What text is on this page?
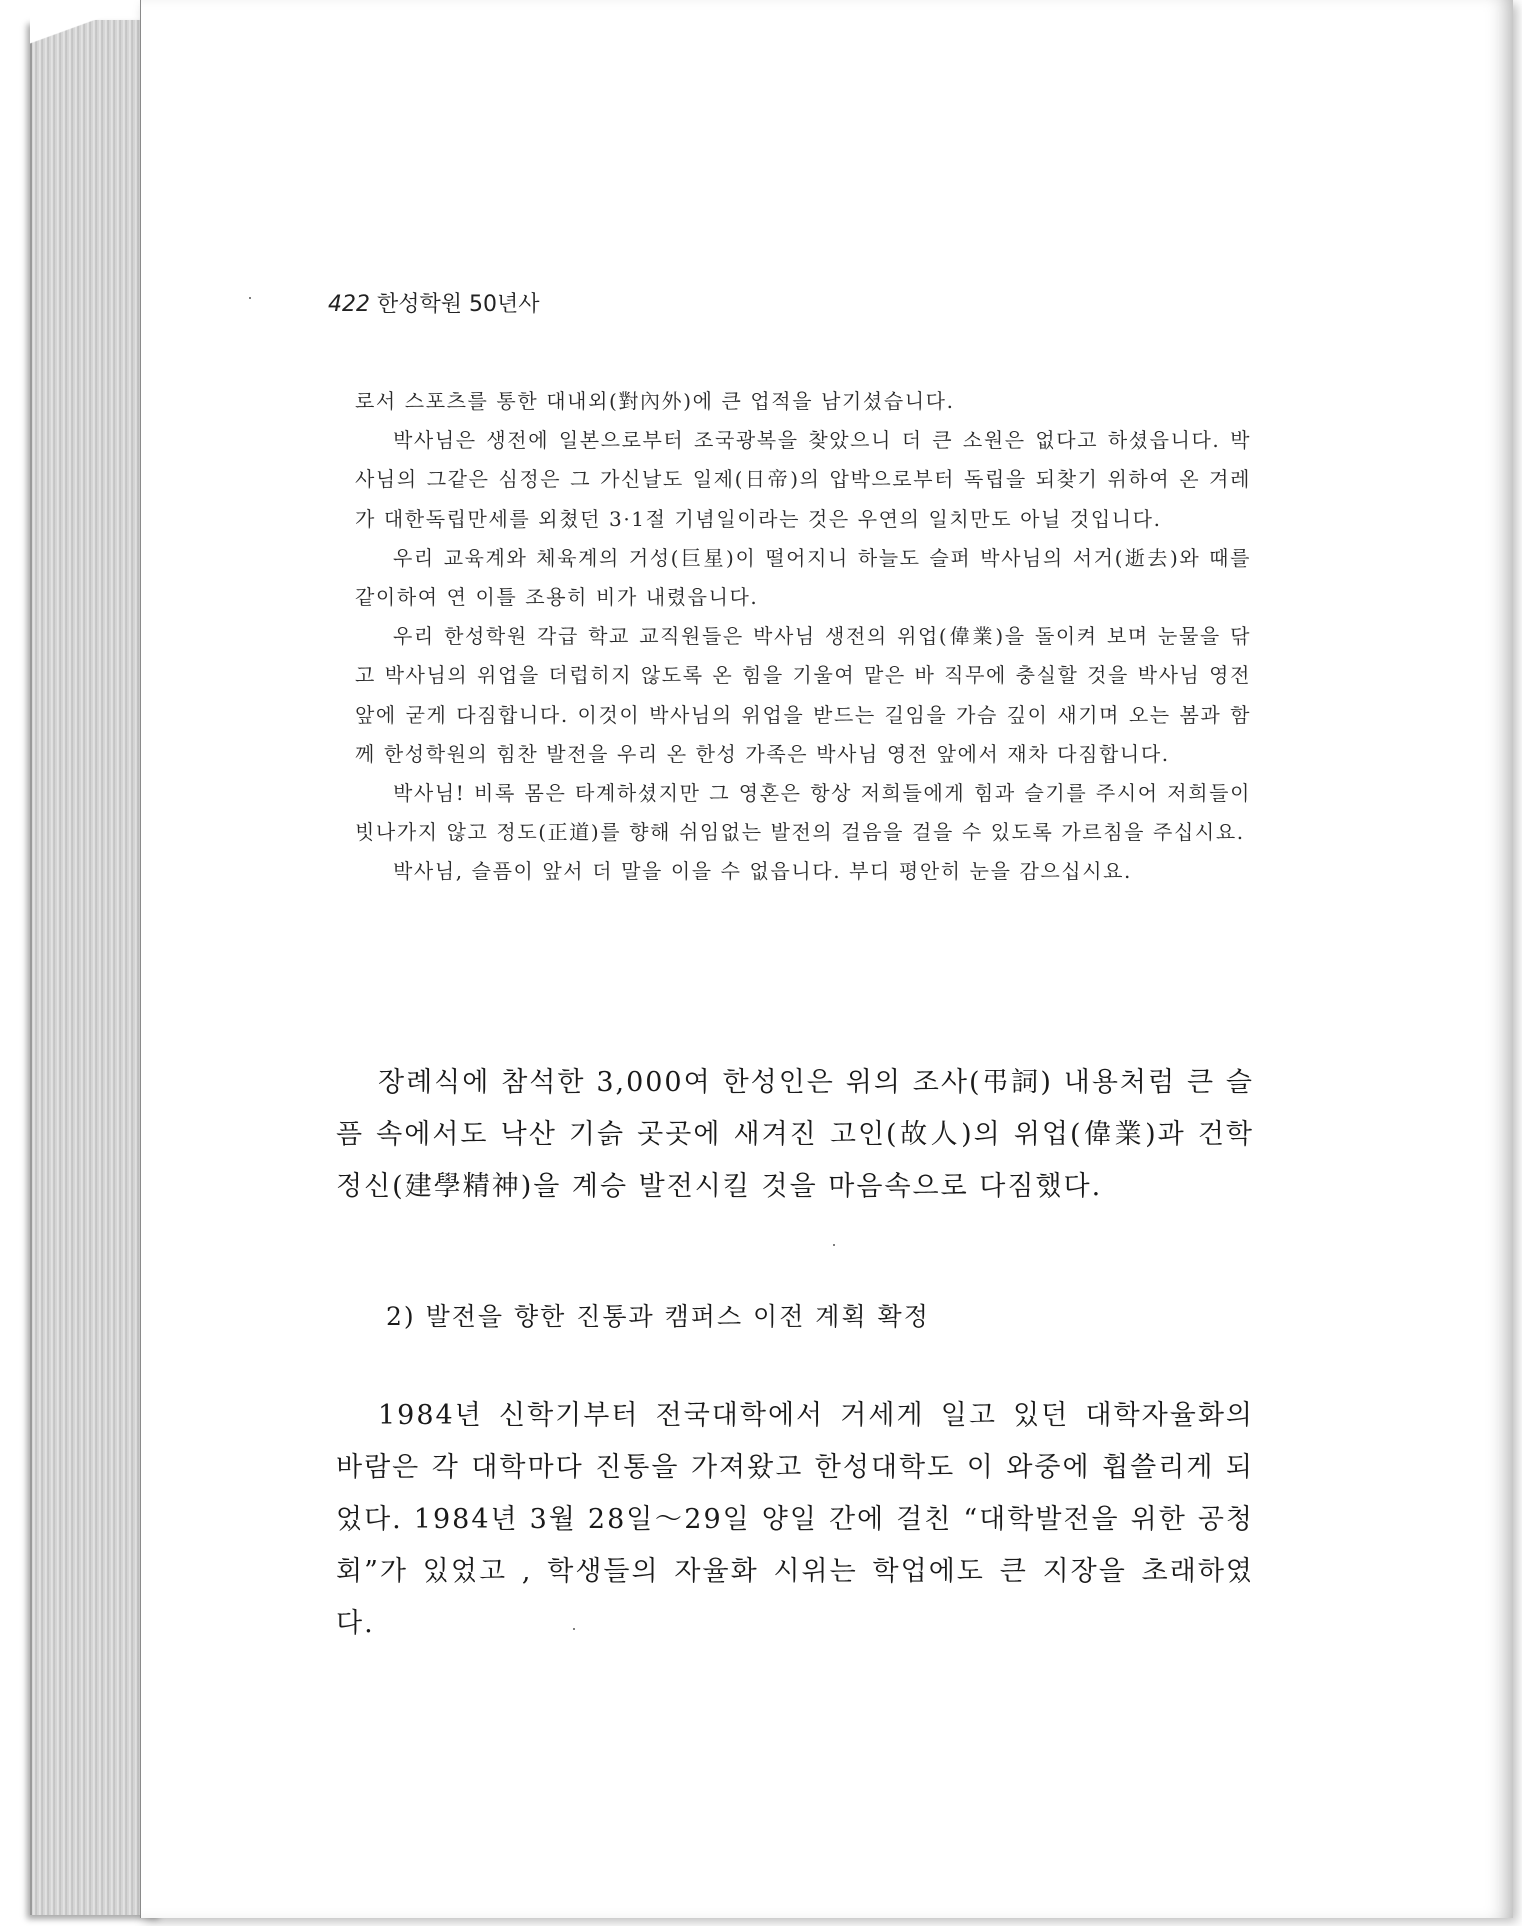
422 한성학원 50년사

로서 스포츠를 통한 대내외(對內外)에 큰 업적을 남기셨습니다.

박사님은 생전에 일본으로부터 조국광복을 찾았으니 더 큰 소원은 없다고 하셨읍니다. 박사님의 그같은 심정은 그 가신날도 일제(日帝)의 압박으로부터 독립을 되찾기 위하여 온 겨레가 대한독립만세를 외쳤던 3·1절 기념일이라는 것은 우연의 일치만도 아닐 것입니다.

우리 교육계와 체육계의 거성(巨星)이 떨어지니 하늘도 슬퍼 박사님의 서거(逝去)와 때를 같이하여 연 이틀 조용히 비가 내렸읍니다.

우리 한성학원 각급 학교 교직원들은 박사님 생전의 위업(偉業)을 돌이켜 보며 눈물을 닦고 박사님의 위업을 더럽히지 않도록 온 힘을 기울여 맡은 바 직무에 충실할 것을 박사님 영전 앞에 굳게 다짐합니다. 이것이 박사님의 위업을 받드는 길임을 가슴 깊이 새기며 오는 봄과 함께 한성학원의 힘찬 발전을 우리 온 한성 가족은 박사님 영전 앞에서 재차 다짐합니다.

박사님! 비록 몸은 타계하셨지만 그 영혼은 항상 저희들에게 힘과 슬기를 주시어 저희들이 빗나가지 않고 정도(正道)를 향해 쉬임없는 발전의 걸음을 걸을 수 있도록 가르침을 주십시요.

박사님, 슬픔이 앞서 더 말을 이을 수 없읍니다. 부디 평안히 눈을 감으십시요.

장례식에 참석한 3,000여 한성인은 위의 조사(弔詞) 내용처럼 큰 슬픔 속에서도 낙산 기슭 곳곳에 새겨진 고인(故人)의 위업(偉業)과 건학정신(建學精神)을 계승 발전시킬 것을 마음속으로 다짐했다.

2) 발전을 향한 진통과 캠퍼스 이전 계획 확정

1984년 신학기부터 전국대학에서 거세게 일고 있던 대학자율화의 바람은 각 대학마다 진통을 가져왔고 한성대학도 이 와중에 휩쓸리게 되었다. 1984년 3월 28일～29일 양일 간에 걸친 “대학발전을 위한 공청회”가 있었고 , 학생들의 자율화 시위는 학업에도 큰 지장을 초래하였다.
